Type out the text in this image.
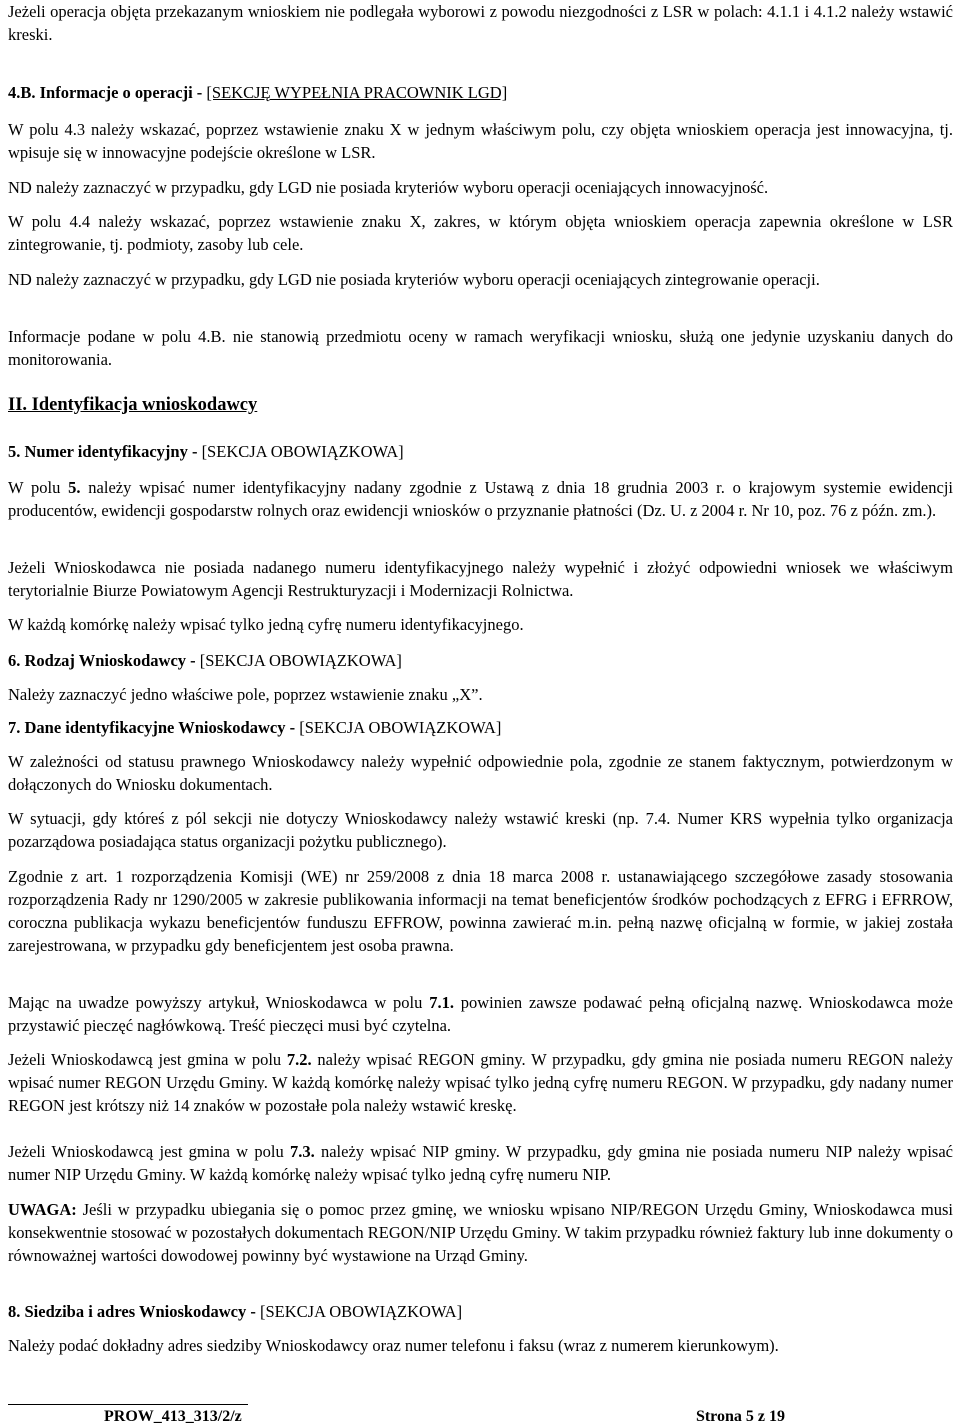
Jeżeli operacja objęta przekazanym wnioskiem nie podlegała wyborowi z powodu niezgodności z LSR w polach: 4.1.1 i 4.1.2 należy wstawić kreski.

4.B. Informacje o operacji - [SEKCJĘ WYPEŁNIA PRACOWNIK LGD]

W polu 4.3 należy wskazać, poprzez wstawienie znaku X w jednym właściwym polu, czy objęta wnioskiem operacja jest innowacyjna, tj. wpisuje się w innowacyjne podejście określone w LSR.

ND należy zaznaczyć w przypadku, gdy LGD nie posiada kryteriów wyboru operacji oceniających innowacyjność.

W polu 4.4 należy wskazać, poprzez wstawienie znaku X, zakres, w którym objęta wnioskiem operacja zapewnia określone w LSR zintegrowanie, tj. podmioty, zasoby lub cele.

ND należy zaznaczyć w przypadku, gdy LGD nie posiada kryteriów wyboru operacji oceniających zintegrowanie operacji.

Informacje podane w polu 4.B. nie stanowią przedmiotu oceny w ramach weryfikacji wniosku, służą one jedynie uzyskaniu danych do monitorowania.

II. Identyfikacja wnioskodawcy

5. Numer identyfikacyjny - [SEKCJA OBOWIĄZKOWA]

W polu 5. należy wpisać numer identyfikacyjny nadany zgodnie z Ustawą z dnia 18 grudnia 2003 r. o krajowym systemie ewidencji producentów, ewidencji gospodarstw rolnych oraz ewidencji wniosków o przyznanie płatności (Dz. U. z 2004 r. Nr 10, poz. 76 z późn. zm.).

Jeżeli Wnioskodawca nie posiada nadanego numeru identyfikacyjnego należy wypełnić i złożyć odpowiedni wniosek we właściwym terytorialnie Biurze Powiatowym Agencji Restrukturyzacji i Modernizacji Rolnictwa.

W każdą komórkę należy wpisać tylko jedną cyfrę numeru identyfikacyjnego.

6. Rodzaj Wnioskodawcy - [SEKCJA OBOWIĄZKOWA]

Należy zaznaczyć jedno właściwe pole, poprzez wstawienie znaku „X”.

7. Dane identyfikacyjne Wnioskodawcy - [SEKCJA OBOWIĄZKOWA]

W zależności od statusu prawnego Wnioskodawcy należy wypełnić odpowiednie pola, zgodnie ze stanem faktycznym, potwierdzonym w dołączonych do Wniosku dokumentach.

W sytuacji, gdy któreś z pól sekcji nie dotyczy Wnioskodawcy należy wstawić kreski (np. 7.4. Numer KRS wypełnia tylko organizacja pozarządowa posiadająca status organizacji pożytku publicznego).

Zgodnie z art. 1 rozporządzenia Komisji (WE) nr 259/2008 z dnia 18 marca 2008 r. ustanawiającego szczegółowe zasady stosowania rozporządzenia Rady nr 1290/2005 w zakresie publikowania informacji na temat beneficjentów środków pochodzących z EFRG i EFRROW, coroczna publikacja wykazu beneficjentów funduszu EFFROW, powinna zawierać m.in. pełną nazwę oficjalną w formie, w jakiej została zarejestrowana, w przypadku gdy beneficjentem jest osoba prawna.

Mając na uwadze powyższy artykuł, Wnioskodawca w polu 7.1. powinien zawsze podawać pełną oficjalną nazwę. Wnioskodawca może przystawić pieczęć nagłówkową. Treść pieczęci musi być czytelna.

Jeżeli Wnioskodawcą jest gmina w polu 7.2. należy wpisać REGON gminy. W przypadku, gdy gmina nie posiada numeru REGON należy wpisać numer REGON Urzędu Gminy. W każdą komórkę należy wpisać tylko jedną cyfrę numeru REGON. W przypadku, gdy nadany numer REGON jest krótszy niż 14 znaków w pozostałe pola należy wstawić kreskę.

Jeżeli Wnioskodawcą jest gmina w polu 7.3. należy wpisać NIP gminy. W przypadku, gdy gmina nie posiada numeru NIP należy wpisać numer NIP Urzędu Gminy. W każdą komórkę należy wpisać tylko jedną cyfrę numeru NIP.

UWAGA: Jeśli w przypadku ubiegania się o pomoc przez gminę, we wniosku wpisano NIP/REGON Urzędu Gminy, Wnioskodawca musi konsekwentnie stosować w pozostałych dokumentach REGON/NIP Urzędu Gminy. W takim przypadku również faktury lub inne dokumenty o równoważnej wartości dowodowej powinny być wystawione na Urząd Gminy.

8. Siedziba i adres Wnioskodawcy - [SEKCJA OBOWIĄZKOWA]

Należy podać dokładny adres siedziby Wnioskodawcy oraz numer telefonu i faksu (wraz z numerem kierunkowym).

PROW_413_313/2/z	Strona 5 z 19
